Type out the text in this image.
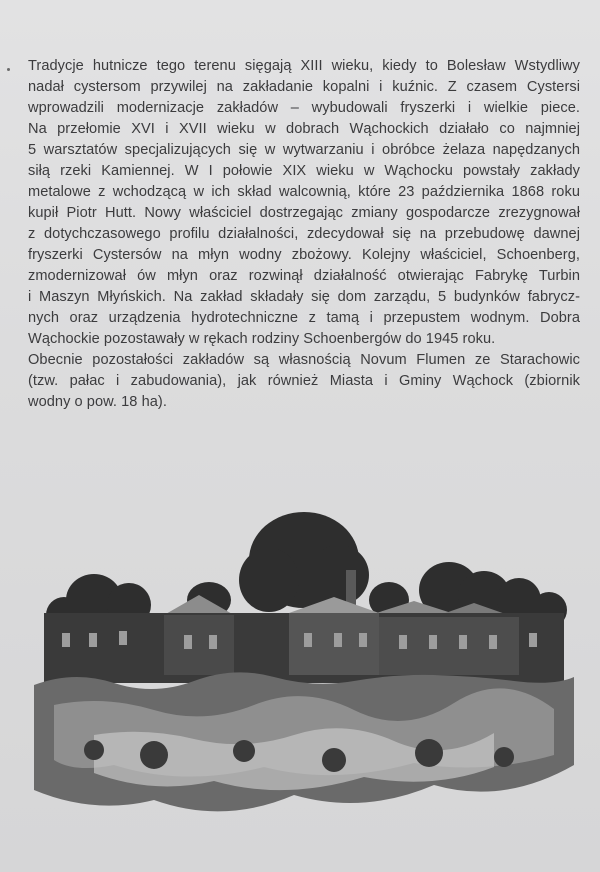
Tradycje hutnicze tego terenu sięgają XIII wieku, kiedy to Bolesław Wstydliwy
nadał cystersom przywilej na zakładanie kopalni i kuźnic. Z czasem Cystersi
wprowadzili modernizacje zakładów – wybudowali fryszerki i wielkie piece.
Na przełomie XVI i XVII wieku w dobrach Wąchockich działało co najmniej
5 warsztatów specjalizujących się w wytwarzaniu i obróbce żelaza napędzanych
siłą rzeki Kamiennej. W I połowie XIX wieku w Wąchocku powstały zakłady
metalowe z wchodzącą w ich skład walcownią, które 23 października 1868 roku
kupił Piotr Hutt. Nowy właściciel dostrzegając zmiany gospodarcze zrezygnował
z dotychczasowego profilu działalności, zdecydował się na przebudowę dawnej
fryszerki Cystersów na młyn wodny zbożowy. Kolejny właściciel, Schoenberg,
zmodernizował ów młyn oraz rozwinął działalność otwierając Fabrykę Turbin
i Maszyn Młyńskich. Na zakład składały się dom zarządu, 5 budynków fabrycz-
nych oraz urządzenia hydrotechniczne z tamą i przepustem wodnym. Dobra
Wąchockie pozostawały w rękach rodziny Schoenbergów do 1945 roku.
Obecnie pozostałości zakładów są własnością Novum Flumen ze Starachowic
(tzw. pałac i zabudowania), jak również Miasta i Gminy Wąchock (zbiornik
wodny o pow. 18 ha).
